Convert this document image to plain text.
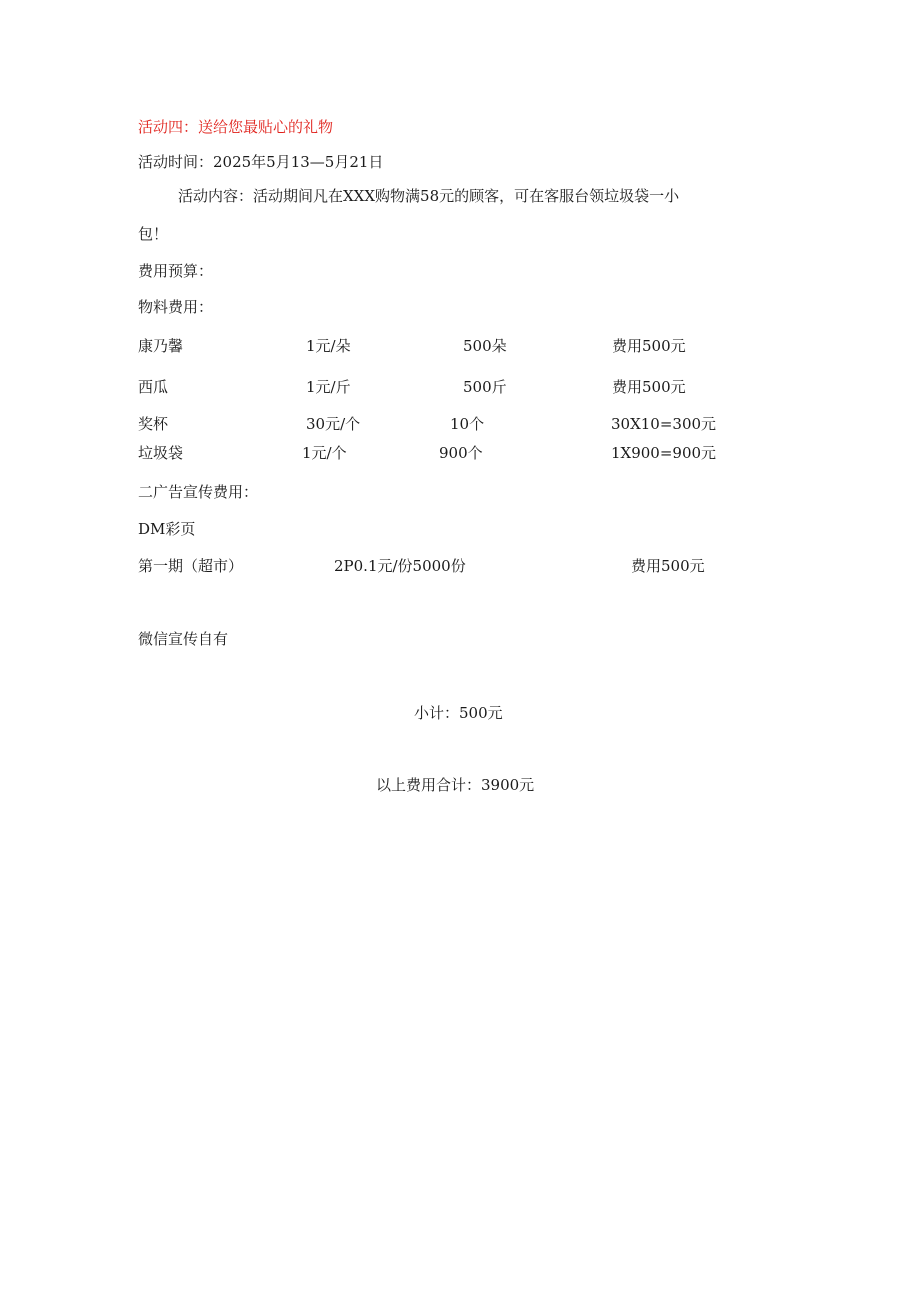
活动四：送给您最贴心的礼物
活动时间：2025年5月13—5月21日
活动内容：活动期间凡在XXX购物满58元的顾客，可在客服台领垃圾袋一小
包！
费用预算：
物料费用：
康乃馨	1元/朵	500朵	费用500元
西瓜	1元/斤	500斤	费用500元
奖杯	30元/个	10个	30X10=300元
垃圾袋	1元/个	900个	1X900=900元
二广告宣传费用：
DM彩页
第一期（超市）	2P0.1元/份5000份	费用500元
微信宣传自有
小计：500元
以上费用合计：3900元
